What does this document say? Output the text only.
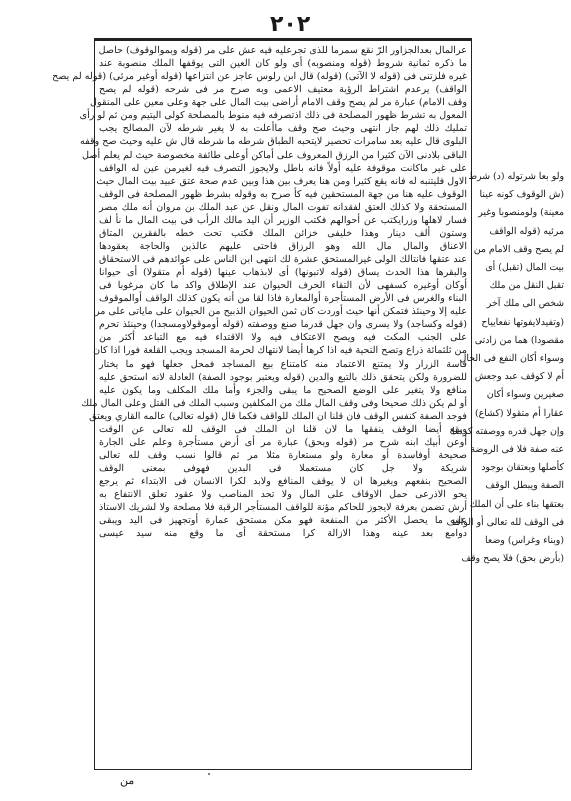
٢٠٢
عرالمال بعدالجزاور الرّ نقع سمرما للذى تجرعليه فيه عش على مر (قوله وبموالوقوف) حاصل
ما ذكره ثمانية شروط (قوله ومنصوبه) أى ولو كان العين التى يوقفها الملك منصوبة عند
غيره فلزتنى فى (قوله لا الآتى) (قوله) قال ابن رلوس عاجز عن انتزاعها (قوله أوغير مرئى) (قوله لم يصح
الواقف) يرعدم اشتراط الرؤية معتيف الاعمى وبه صرح مر فى شرحه (قوله لم يصح
وقف الامام) عبارة مر لم يصح وقف الامام أراضى بيت المال على جهة وعلى معين على المنقول
المعول به تشرط ظهور المصلحة فى ذلك اذتصرفه فيه منوط بالمصلحة كولى اليتيم ومن ثم لو رأى
تمليك ذلك لهم جاز انتهى وحيث صح وقف ماأعلت به لا يغير شرطه لآن المصالح يجب
البلوى قال عليه بعد سامرات تحصير لايتحبه الطباق شرطه ما شرطه قال ش عليه وحيث صح وقفه
الباقى بلادنى الآن كثيرا من الرزق المعروف على أماكن أوعلى طائفة مخصوصة حيث لم يعلم أصل
على غير ماكانت موقوفة عليه أولاً فانه باطل ولايجوز التصرف فيه لغيرمن عين له الواقف
الاول فليتنبه له فانه يقع كثيرا ومن هنا يعرف بين هذا وبين عدم صحة عتق عبيد بيت المال حيث
الوقوف عليه هنا من جهة المستحقين فيه كأ صرح به وقوله بشرط ظهور المصلحة فى الوقف
المستحقة ولا كذلك العتق لفقدانه تفوت المال ونقل عن عبد الملك بن مروان أنه ملك مصر
فسار لاهلها وزرايكتب عن أحوالهم فكتب الوزير أن اليد مالك الرأب فى بيت المال ما نأ لف
وستون ألف دينار وهذا خليفى خزائن الملك فكتب تحت خطه بالفقرين المتاق
الاعناق والمال مال الله وهو الرزاق فاحتى عليهم عالذين والحاجة يعقودها
عند عتقها فانتالك الولى غيرالمستحق عشرة لك انتهى ابن الناس على عوائدهم فى الاستحقاق
والبقرها هذا الحدث يساق (قوله لاتبونها) أى لابذهاب عينها (قوله أم متقولا) أى حيوانا
أوكان أوغيره كسفهى لأن التقاء الحرف الحيوان عند الإطلاق واكد ما كان مرغوبا فى
البناء والغرس فى الأرض المستأجرة أوالمعارة فاذا لقا من أنه يكون كذلك الواقف أوالموقوف
عليه إلا وحينئذ فتمكن أنها حيث أوردت كان ثمن الحيوان الذبيح من الحيوان على ماياتى على مر
(قوله وكساجد) ولا يسرى وان جهل قدرما صنع ووصفته (قوله أوموقولاومسجدا) وحينئذ تحرم
على الجنب المكث فيه ويصح الاعتكاف فيه ولا الاقتداء فيه مع التباعد أكثر من
من ثلثمائة ذراع وتصح التحية فيه اذا كرها أيضا لانتهاك لحرمة المسجد ويجب القلعة فورا اذا كان
قاسة الزرار ولا يمتنع الاعتماد منه كامتناع بيع المساجد فمحل جعلها فهو ما يختار
للضرورة ولكن يتحقق ذلك بالتبع والدين (قوله ويعتبر بوجود الصفة) العادلة لانه استحق عليه
منافع ولا يتغير على الوضع الصحيح ما يبقى والجزء وأما ملك المكلف وما يكون عليه
أو لم يكن ذلك صحيحا وفى وقف المال ملك من المكلفين وسبب الملك فى القتل وعلى المال ملك
فوجد الصفة كنفس الوقف فان قلنا ان الملك للواقف فكما قال (قوله تعالى) عالمه القاري ويعتق
ويقع أيضا الوقف ينفقها ما لان قلنا ان الملك فى الوقف لله تعالى عن الوقت
أوعن أبيك ابنه شرح مر (قوله وبحق) عبارة مر أى أرض مستأجرة وعلم على الجارة
صحيحة أوفاسدة أو معارة ولو مستعارة مثلا مر ثم قالوا نسب وقف لله تعالى
شريكة ولا جل كان مستعملا فى البدين فهوفى بمعنى الوقف
الصحيح بنفعهم ويغيرها ان لا يوقف المنافع ولابد لكرا الانسان فى الابتداء ثم يرجع
يحو الاذرعى حمل الاوقاف على المال ولا تحد المناصب ولا عقود تعلق الانتفاع به
أرش تضمن بعرفة لايجوز للحاكم مؤنة للواقف المستأجر الرقبة فلا مصلحة ولا لشريك الاستاذ
عليه ما يحصل الأكثر من المنفعة فهو مكن مستحق عمارة أوتجهيز فى اليد ويبقى
دوامع بعد عينه وهذا الازالة كرا مستحقة أى ما وقع منه سيد عيسى
ولو بعا شرتوله (د) شرط
(ش الوقوف كونه عينا
معينة) ولومنصوبا وغير
مرئيه (قوله الواقف
لم يصح وقف الامام من
بيت المال (تقبل) أى
تقبل النقل من ملك
شخص الى ملك آخر
(وتفيدلايفوتها نفعايياح
مقصودا) هما من زادتى
وسواء أكان النفع فى الحال
أم لا كوقف عبد وجعش
صغيرين وسواء أكان
عقارا أم متقولا (كشاع)
وإن جهل قدره ووصفته كرصا
عنه صفة فلا فى الروضة
كأصلها وبعتقان بوجود
الصفة ويبطل الوقف
بعتقها بناء على أن الملك
فى الوقف لله تعالى أو الواقف
(وبناء وغراس) وضعا
(بأرض بحق) فلا يصح وقف
من
